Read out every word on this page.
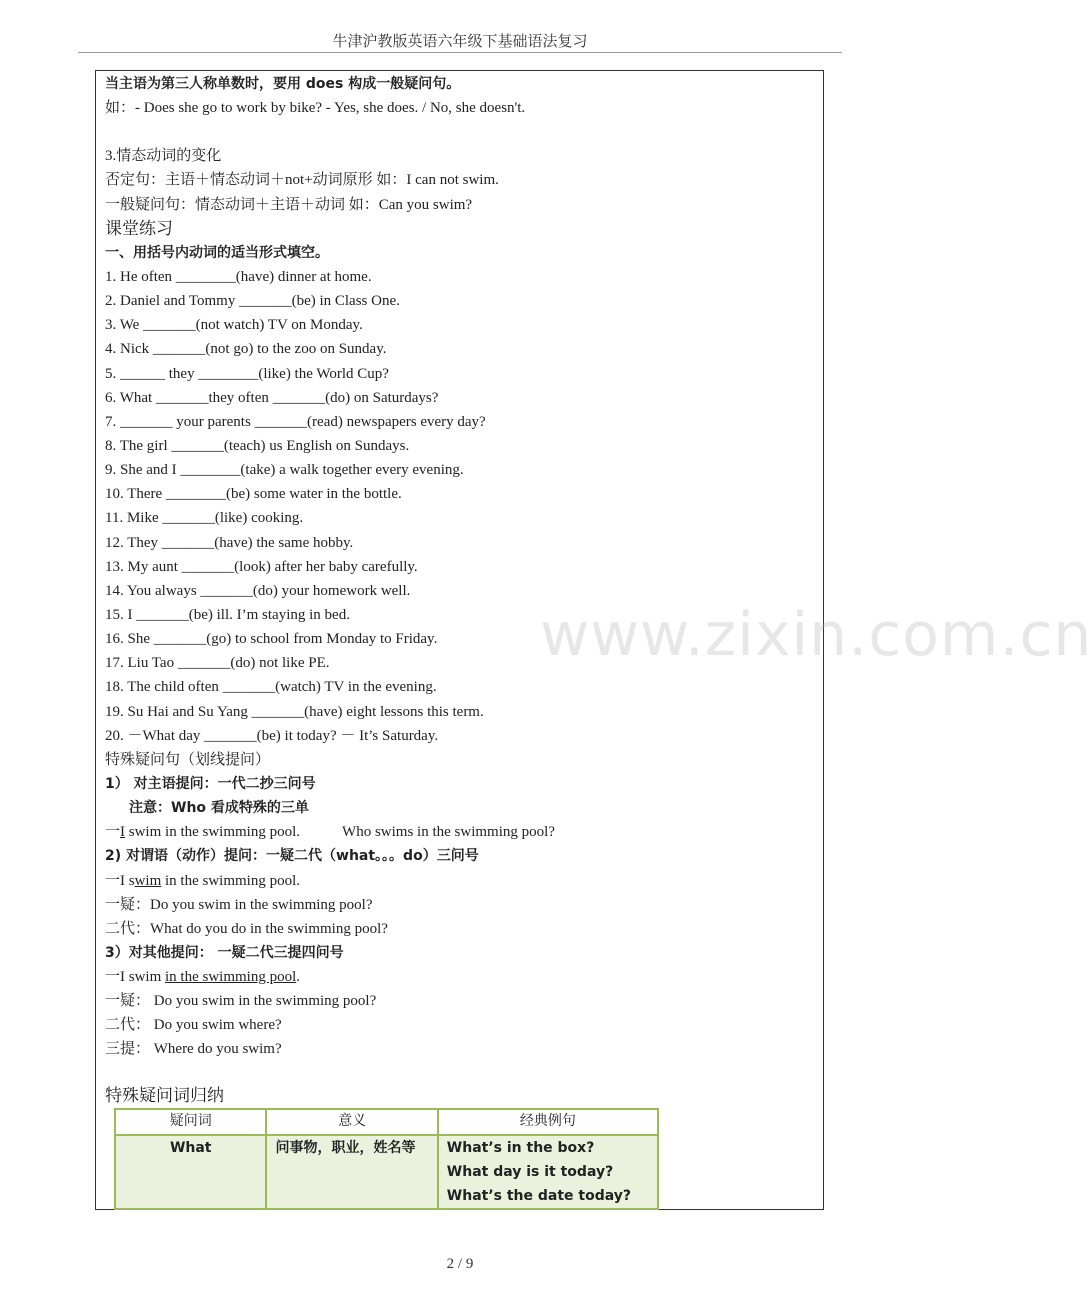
牛津沪教版英语六年级下基础语法复习
www.zixin.com.cn
当主语为第三人称单数时，要用 does 构成一般疑问句。
如：- Does she go to work by bike? - Yes, she does. / No, she doesn't.
3.情态动词的变化
否定句：主语＋情态动词＋not+动词原形 如：I can not swim.
一般疑问句：情态动词＋主语＋动词 如：Can you swim?
课堂练习
一、用括号内动词的适当形式填空。
1. He often ________(have) dinner at home.
2. Daniel and Tommy _______(be) in Class One.
3. We _______(not watch) TV on Monday.
4. Nick _______(not go) to the zoo on Sunday.
5. ______ they ________(like) the World Cup?
6. What _______they often _______(do) on Saturdays?
7. _______ your parents _______(read) newspapers every day?
8. The girl _______(teach) us English on Sundays.
9. She and I ________(take) a walk together every evening.
10. There ________(be) some water in the bottle.
11. Mike _______(like) cooking.
12. They _______(have) the same hobby.
13. My aunt _______(look) after her baby carefully.
14. You always _______(do) your homework well.
15. I _______(be) ill. I’m staying in bed.
16. She _______(go) to school from Monday to Friday.
17. Liu Tao _______(do) not like PE.
18. The child often _______(watch) TV in the evening.
19. Su Hai and Su Yang _______(have) eight lessons this term.
20. －What day _______(be) it today? － It’s Saturday.
特殊疑问句（划线提问）
1） 对主语提问：一代二抄三问号
注意：Who 看成特殊的三单
一I swim in the swimming pool.	Who swims in the swimming pool?
2) 对谓语（动作）提问：一疑二代（what。。。do）三问号
一I swim in the swimming pool.
一疑：Do you swim in the swimming pool?
二代：What do you do in the swimming pool?
3）对其他提问： 一疑二代三提四问号
一I swim in the swimming pool.
一疑： Do you swim in the swimming pool?
二代： Do you swim where?
三提： Where do you swim?
特殊疑问词归纳
疑问词	意义	经典例句

What	问事物，职业，姓名等	What’s in the box?
What day is it today?
What’s the date today?
2 / 9
